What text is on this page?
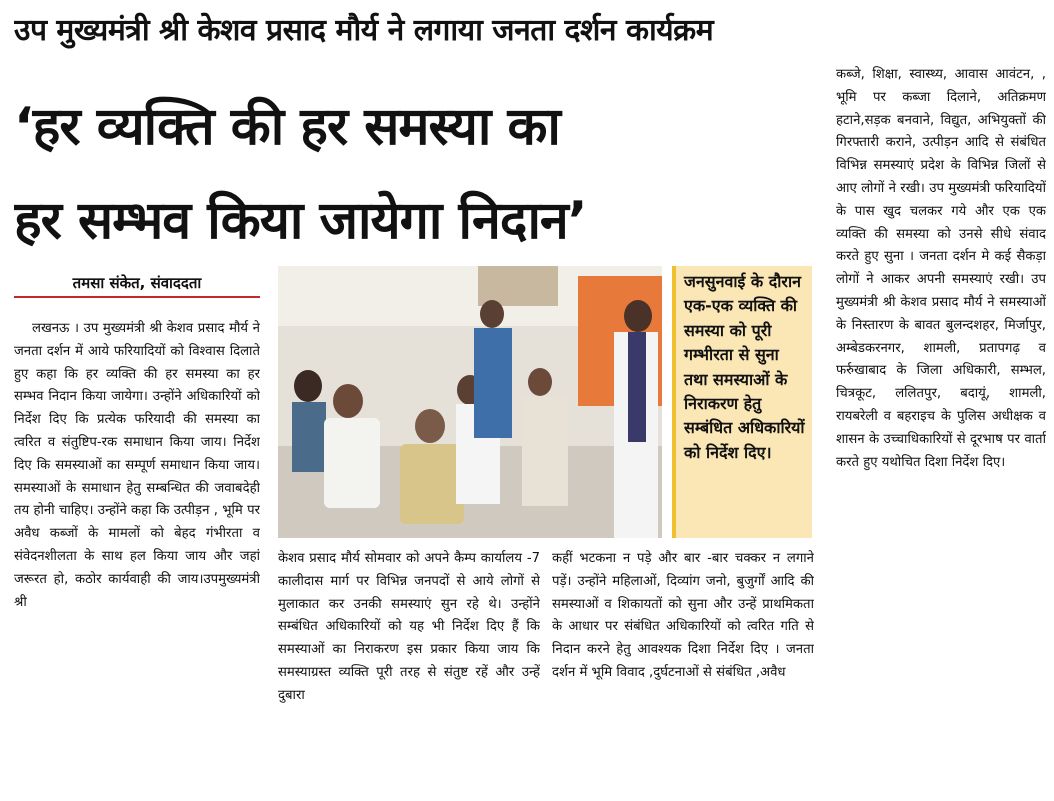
उप मुख्यमंत्री श्री केशव प्रसाद मौर्य ने लगाया जनता दर्शन कार्यक्रम
‘हर व्यक्ति की हर समस्या का
हर सम्भव किया जायेगा निदान’
तमसा संकेत, संवाददता
लखनऊ । उप मुख्यमंत्री श्री केशव प्रसाद मौर्य ने जनता दर्शन में आये फरियादियों को विश्वास दिलाते हुए कहा कि हर व्यक्ति की हर समस्या का हर सम्भव निदान किया जायेगा। उन्होंने अधिकारियों को निर्देश दिए कि प्रत्येक फरियादी की समस्या का त्वरित व संतुष्टिप-रक समाधान किया जाय। निर्देश दिए कि समस्याओं का सम्पूर्ण समाधान किया जाय। समस्याओं के समाधान हेतु सम्बन्धित की जवाबदेही तय होनी चाहिए। उन्होंने कहा कि उत्पीड़न , भूमि पर अवैध कब्जों के मामलों को बेहद गंभीरता व संवेदनशीलता के साथ हल किया जाय और जहां जरूरत हो, कठोर कार्यवाही की जाय।उपमुख्यमंत्री श्री
जनसुनवाई के दौरान एक-एक व्यक्ति की समस्या को पूरी गम्भीरता से सुना तथा समस्याओं के निराकरण हेतु सम्बंधित अधिकारियों को निर्देश दिए।
केशव प्रसाद मौर्य सोमवार को अपने कैम्प कार्यालय -7 कालीदास मार्ग पर विभिन्न जनपदों से आये लोगों से मुलाकात कर उनकी समस्याएं सुन रहे थे। उन्होंने सम्बंधित अधिकारियों को यह भी निर्देश दिए हैं कि समस्याओं का निराकरण इस प्रकार किया जाय कि समस्याग्रस्त व्यक्ति पूरी तरह से संतुष्ट रहें और उन्हें दुबारा
कहीं भटकना न पड़े और बार -बार चक्कर न लगाने पड़ें। उन्होंने महिलाओं, दिव्यांग जनो, बुजुर्गों आदि की समस्याओं व शिकायतों को सुना और उन्हें प्राथमिकता के आधार पर संबंधित अधिकारियों को त्वरित गति से निदान करने हेतु आवश्यक दिशा निर्देश दिए । जनता दर्शन में भूमि विवाद ,दुर्घटनाओं से संबंधित ,अवैध
कब्जे, शिक्षा, स्वास्थ्य, आवास आवंटन, , भूमि पर कब्जा दिलाने, अतिक्रमण हटाने,सड़क बनवाने, विद्युत, अभियुक्तों की गिरफ्तारी कराने, उत्पीड़न आदि से संबंधित विभिन्न समस्याएं प्रदेश के विभिन्न जिलों से आए लोगों ने रखी। उप मुख्यमंत्री फरियादियों के पास खुद चलकर गये और एक एक व्यक्ति की समस्या को उनसे सीधे संवाद करते हुए सुना । जनता दर्शन मे कई सैकड़ा लोगों ने आकर अपनी समस्याएं रखी। उप मुख्यमंत्री श्री केशव प्रसाद मौर्य ने समस्याओं के निस्तारण के बावत बुलन्दशहर, मिर्जापुर, अम्बेडकरनगर, शामली, प्रतापगढ़ व फर्रुखाबाद के जिला अधिकारी, सम्भल, चित्रकूट, ललितपुर, बदायूं, शामली, रायबरेली व बहराइच के पुलिस अधीक्षक व शासन के उच्चाधिकारियों से दूरभाष पर वार्ता करते हुए यथोचित दिशा निर्देश दिए।
